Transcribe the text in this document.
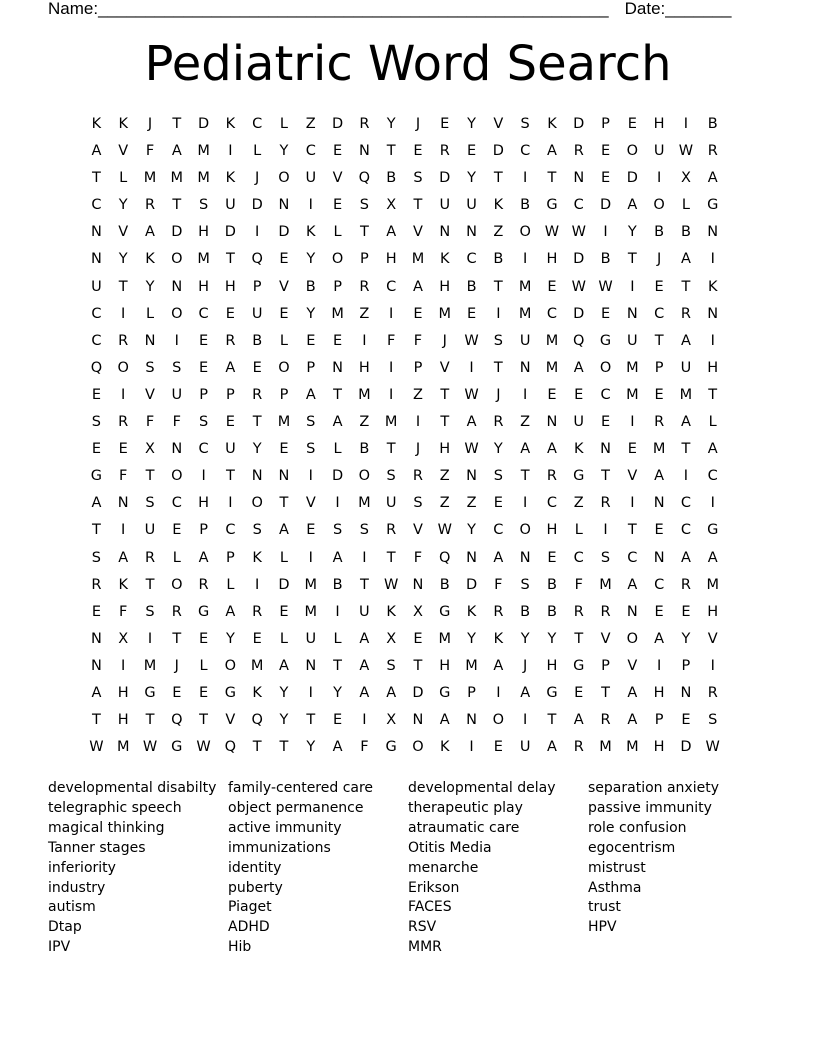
Name:______________________________________________________ Date:_______
Pediatric Word Search
K	K	J	T	D	K	C	L	Z	D	R	Y	J	E	Y	V	S	K	D	P	E	H	I	B
A	V	F	A	M	I	L	Y	C	E	N	T	E	R	E	D	C	A	R	E	O	U W	R
T	L	M M M	K	J	O	U	V	Q	B	S	D	Y	T	I	T	N	E	D	I	X	A
C	Y	R	T	S	U	D	N	I	E	S	X	T	U	U	K	B	G	C	D	A	O	L	G
N	V	A	D	H	D	I	D	K	L	T	A	V	N	N	Z	O W W	I	Y	B	B	N
N	Y	K	O	M	T	Q	E	Y	O	P	H	M	K	C	B	I	H	D	B	T	J	A	I
U	T	Y	N	H	H	P	V	B	P	R	C	A	H	B	T	M	E	W W	I	E	T	K
C	I	L	O	C	E	U	E	Y	M	Z	I	E	M	E	I	M	C	D	E	N	C	R	N
C	R	N	I	E	R	B	L	E	E	I	F	F	J	W	S	U	M	Q	G	U	T	A	I
Q	O	S	S	E	A	E	O	P	N	H	I	P	V	I	T	N	M	A	O	M	P	U	H
E	I	V	U	P	P	R	P	A	T	M	I	Z	T	W	J	I	E	E	C	M	E	M	T
S	R	F	F	S	E	T	M	S	A	Z	M	I	T	A	R	Z	N	U	E	I	R	A	L
E	E	X	N	C	U	Y	E	S	L	B	T	J	H W	Y	A	A	K	N	E	M	T	A
G	F	T	O	I	T	N	N	I	D	O	S	R	Z	N	S	T	R	G	T	V	A	I	C
A	N	S	C	H	I	O	T	V	I	M	U	S	Z	Z	E	I	C	Z	R	I	N	C	I
T	I	U	E	P	C	S	A	E	S	S	R	V	W	Y	C	O	H	L	I	T	E	C	G
S	A	R	L	A	P	K	L	I	A	I	T	F	Q	N	A	N	E	C	S	C	N	A	A
R	K	T	O	R	L	I	D	M	B	T	W N	B	D	F	S	B	F	M	A	C	R	M
E	F	S	R	G	A	R	E	M	I	U	K	X	G	K	R	B	B	R	R	N	E	E	H
N	X	I	T	E	Y	E	L	U	L	A	X	E	M	Y	K	Y	Y	T	V	O	A	Y	V
N	I	M	J	L	O	M	A	N	T	A	S	T	H	M	A	J	H	G	P	V	I	P	I
A	H	G	E	E	G	K	Y	I	Y	A	A	D	G	P	I	A	G	E	T	A	H	N	R
T	H	T	Q	T	V	Q	Y	T	E	I	X	N	A	N	O	I	T	A	R	A	P	E	S
W M W G W Q	T	T	Y	A	F	G	O	K	I	E	U	A	R	M M	H	D W
developmental disabilty
telegraphic speech
magical thinking
Tanner stages
inferiority
industry
autism
Dtap
IPV
family-centered care
object permanence
active immunity
immunizations
identity
puberty
Piaget
ADHD
Hib
developmental delay
therapeutic play
atraumatic care
Otitis Media
menarche
Erikson
FACES
RSV
MMR
separation anxiety
passive immunity
role confusion
egocentrism
mistrust
Asthma
trust
HPV
